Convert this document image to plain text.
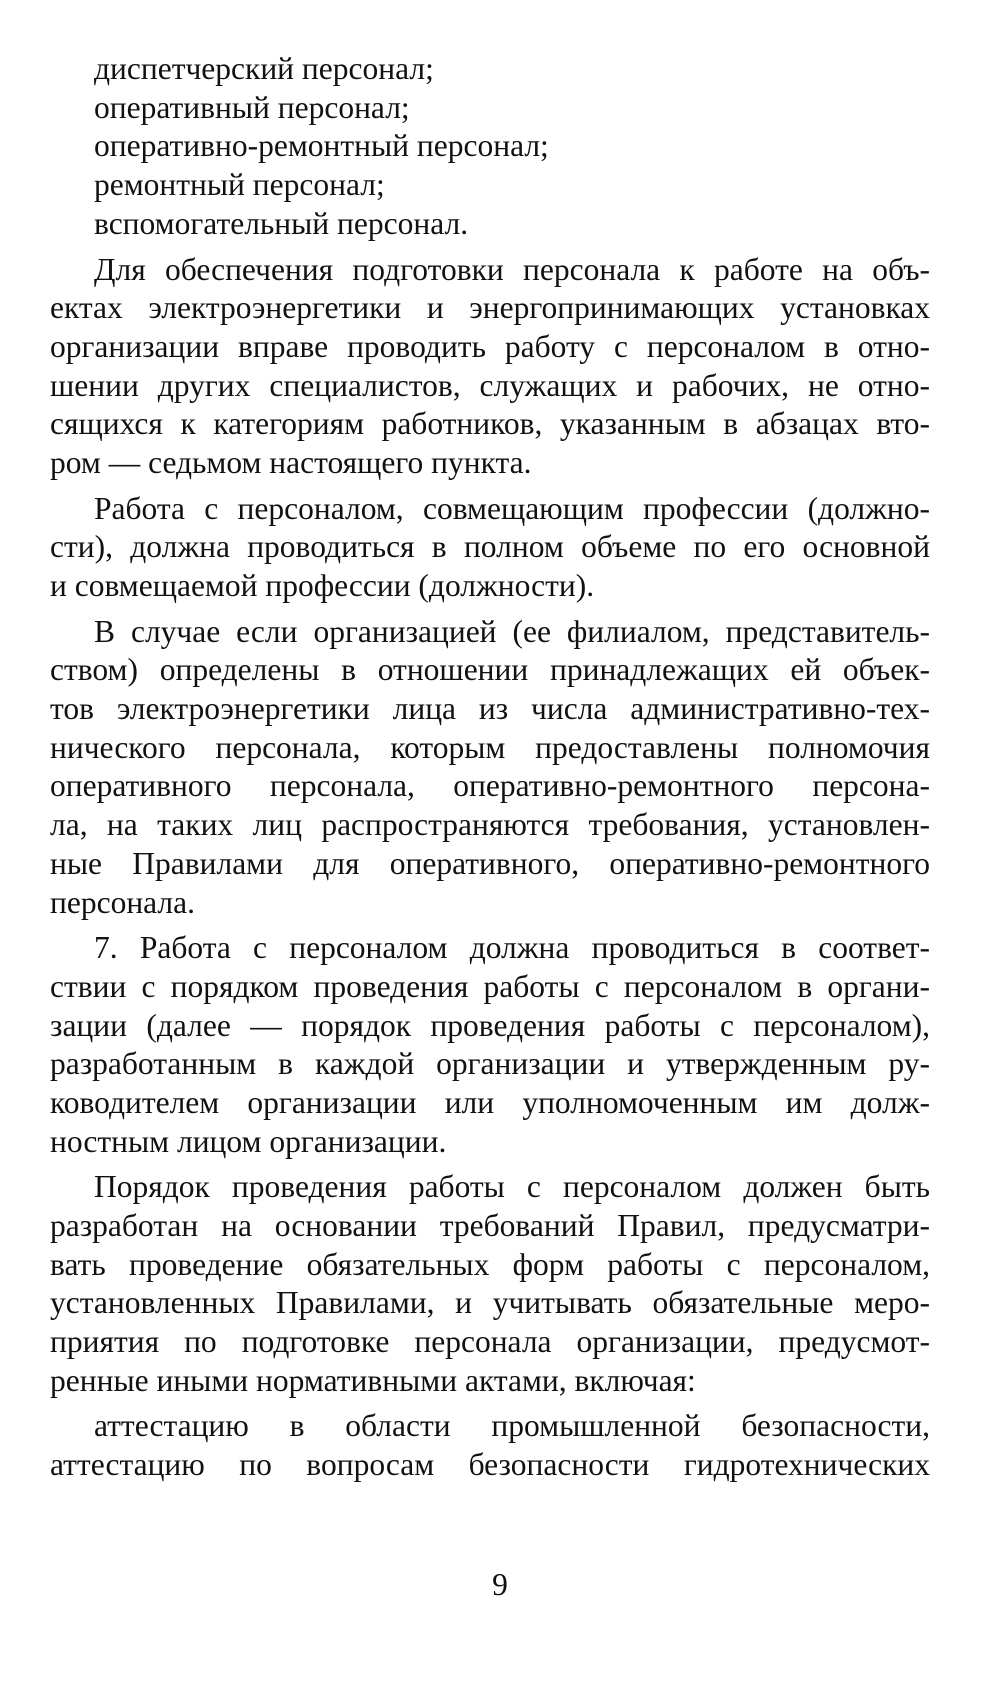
диспетчерский персонал;

оперативный персонал;

оперативно-ремонтный персонал;

ремонтный персонал;

вспомогательный персонал.

Для обеспечения подготовки персонала к работе на объ-
ектах электроэнергетики и энергопринимающих установках
организации вправе проводить работу с персоналом в отно-
шении других специалистов, служащих и рабочих, не отно-
сящихся к категориям работников, указанным в абзацах вто-
ром — седьмом настоящего пункта.
Работа с персоналом, совмещающим профессии (должно-
сти), должна проводиться в полном объеме по его основной
и совмещаемой профессии (должности).
В случае если организацией (ее филиалом, представитель-
ством) определены в отношении принадлежащих ей объек-
тов электроэнергетики лица из числа административно-тех-
нического персонала, которым предоставлены полномочия
оперативного персонала, оперативно-ремонтного персона-
ла, на таких лиц распространяются требования, установлен-
ные Правилами для оперативного, оперативно-ремонтного
персонала.
7. Работа с персоналом должна проводиться в соответ-
ствии с порядком проведения работы с персоналом в органи-
зации (далее — порядок проведения работы с персоналом),
разработанным в каждой организации и утвержденным ру-
ководителем организации или уполномоченным им долж-
ностным лицом организации.
Порядок проведения работы с персоналом должен быть
разработан на основании требований Правил, предусматри-
вать проведение обязательных форм работы с персоналом,
установленных Правилами, и учитывать обязательные меро-
приятия по подготовке персонала организации, предусмот-
ренные иными нормативными актами, включая:
аттестацию в области промышленной безопасности,
аттестацию по вопросам безопасности гидротехнических
9
